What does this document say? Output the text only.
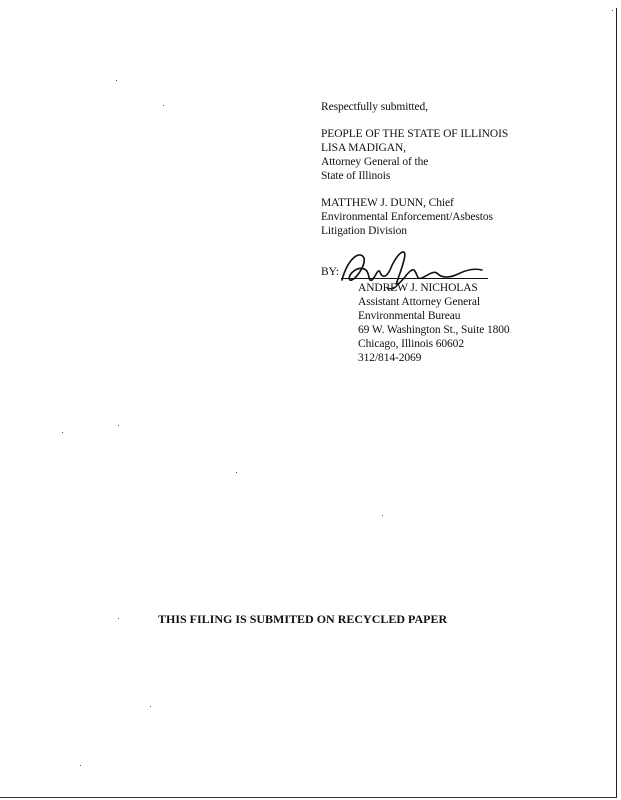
Respectfully submitted,
PEOPLE OF THE STATE OF ILLINOIS
LISA MADIGAN,
Attorney General of the
State of Illinois
MATTHEW J. DUNN, Chief
Environmental Enforcement/Asbestos
Litigation Division
BY:
ANDREW J. NICHOLAS
Assistant Attorney General
Environmental Bureau
69 W. Washington St., Suite 1800
Chicago, Illinois 60602
312/814-2069
THIS FILING IS SUBMITED ON RECYCLED PAPER
